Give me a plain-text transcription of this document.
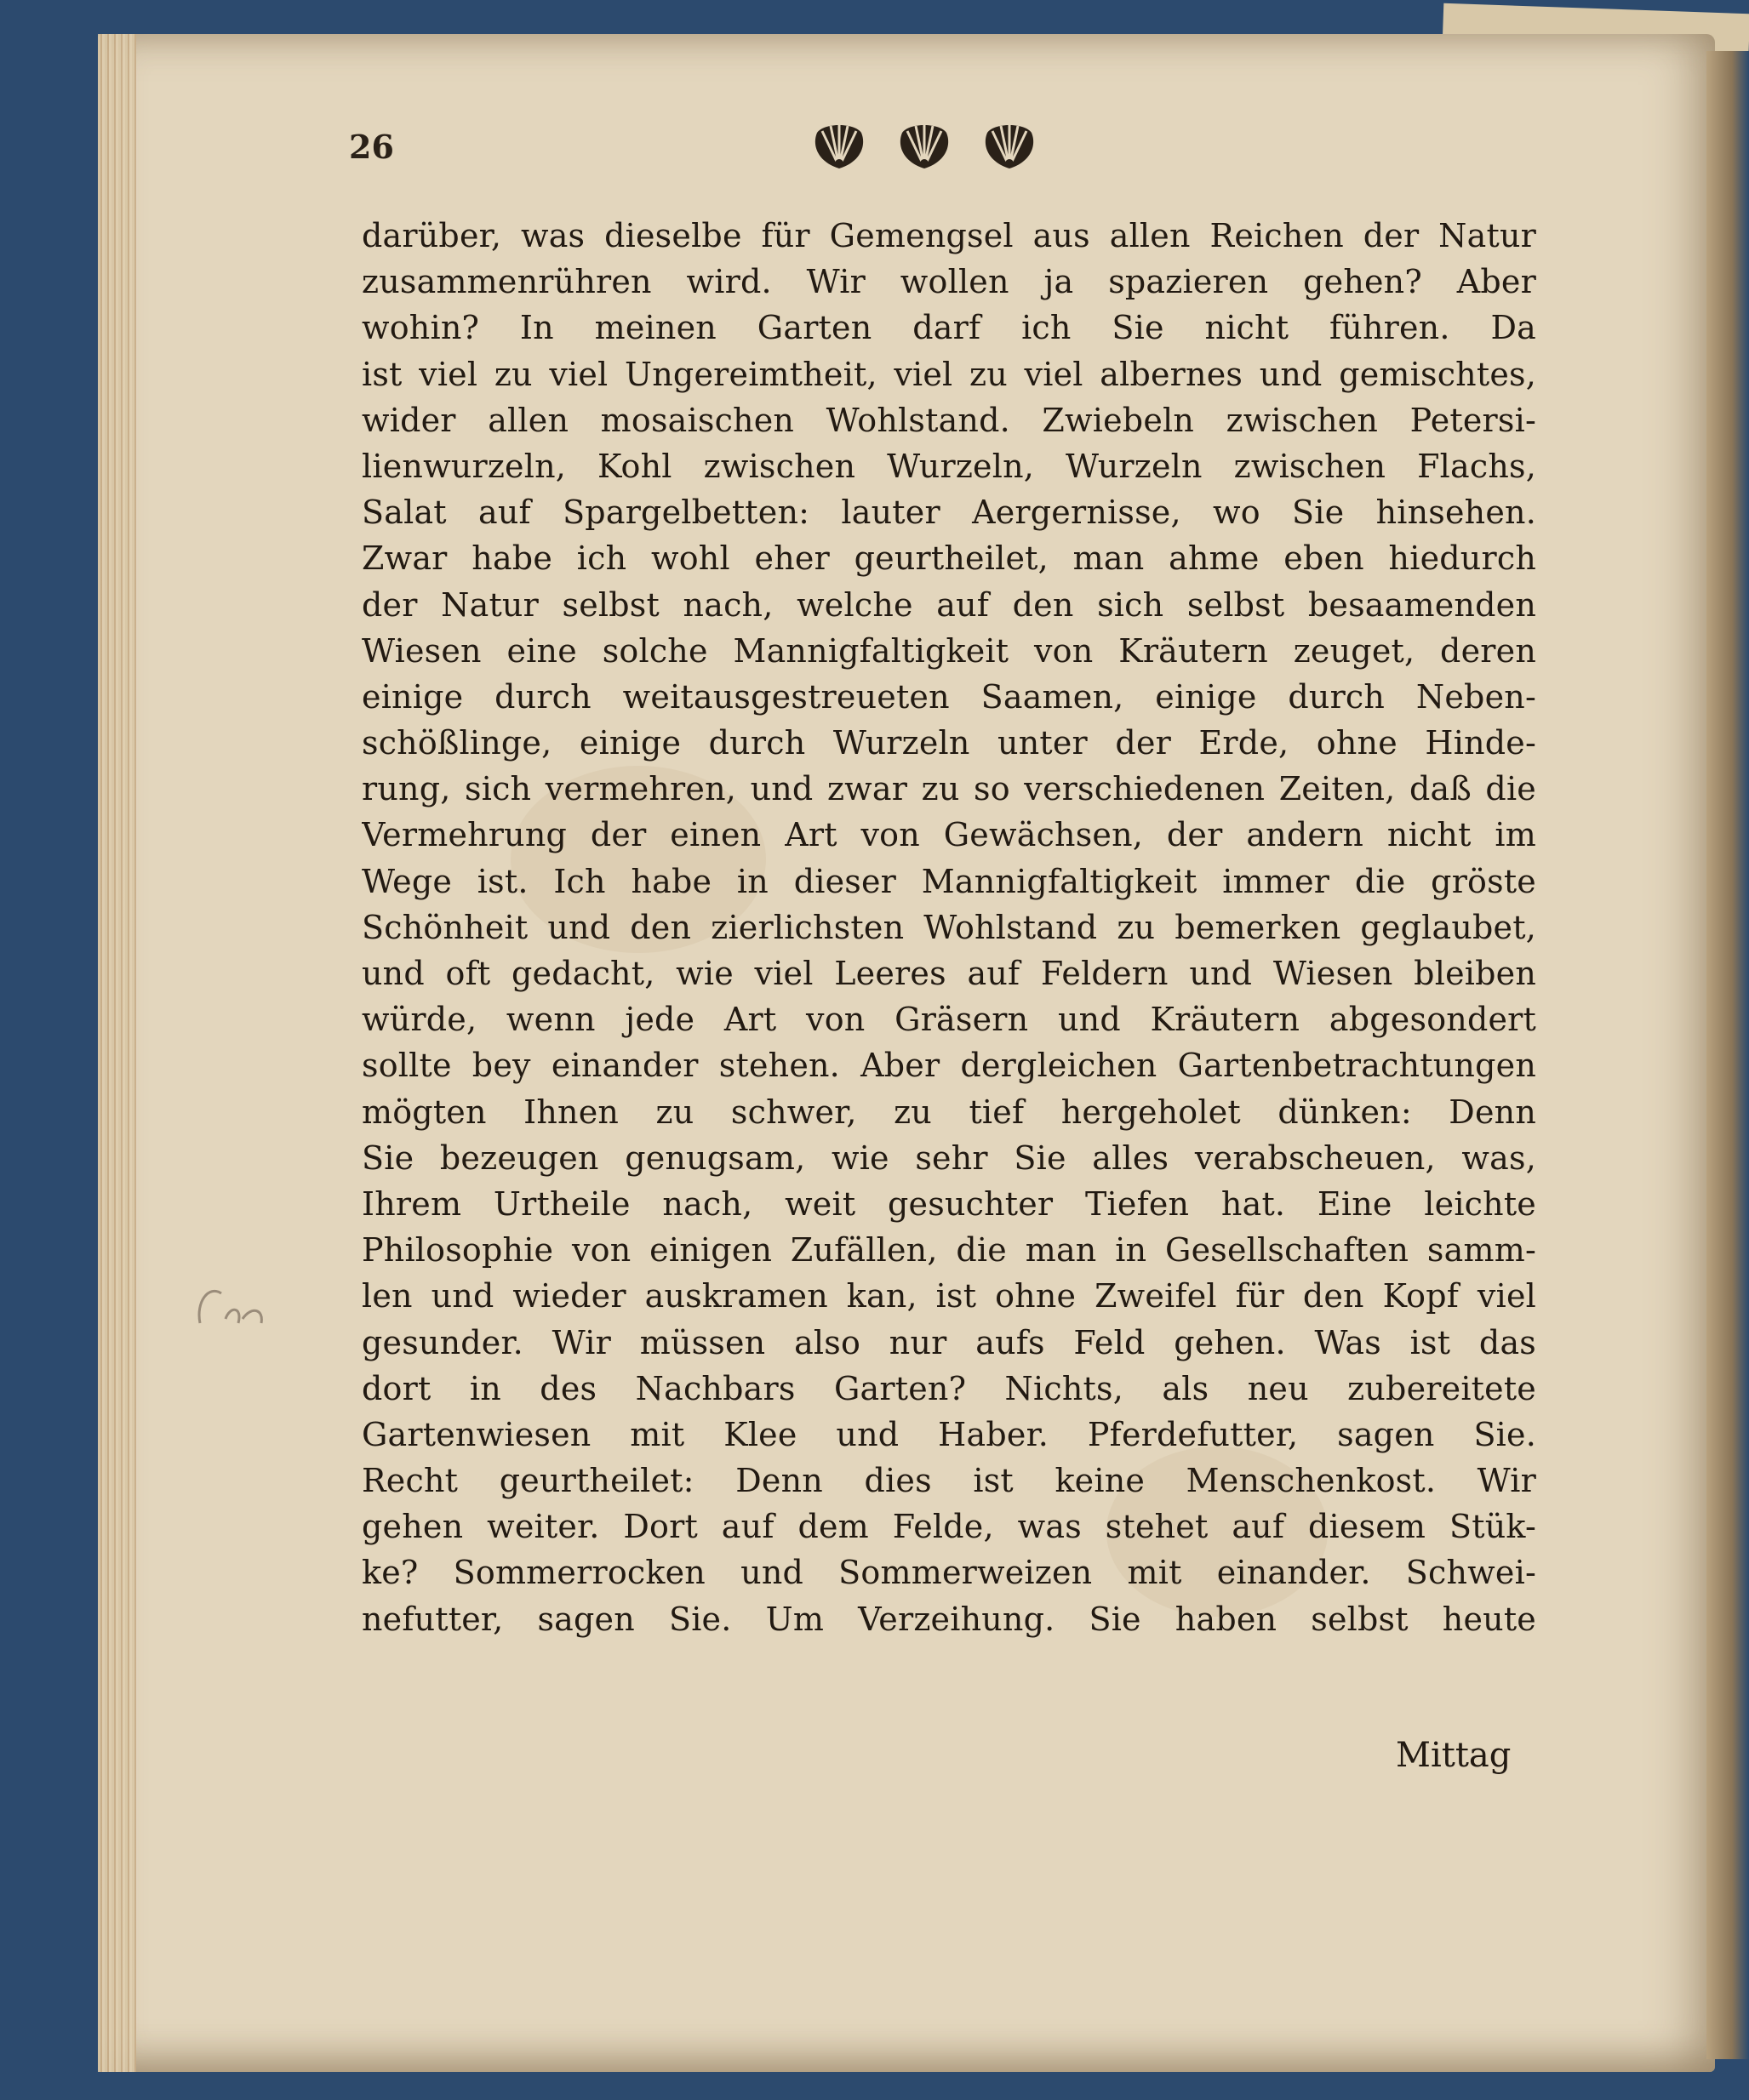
26
darüber, was dieselbe für Gemengsel aus allen Reichen der Natur
zusammenrühren wird. Wir wollen ja spazieren gehen? Aber
wohin? In meinen Garten darf ich Sie nicht führen. Da
ist viel zu viel Ungereimtheit, viel zu viel albernes und gemischtes,
wider allen mosaischen Wohlstand. Zwiebeln zwischen Petersi-
lienwurzeln, Kohl zwischen Wurzeln, Wurzeln zwischen Flachs,
Salat auf Spargelbetten: lauter Aergernisse, wo Sie hinsehen.
Zwar habe ich wohl eher geurtheilet, man ahme eben hiedurch
der Natur selbst nach, welche auf den sich selbst besaamenden
Wiesen eine solche Mannigfaltigkeit von Kräutern zeuget, deren
einige durch weitausgestreueten Saamen, einige durch Neben-
schößlinge, einige durch Wurzeln unter der Erde, ohne Hinde-
rung, sich vermehren, und zwar zu so verschiedenen Zeiten, daß die
Vermehrung der einen Art von Gewächsen, der andern nicht im
Wege ist. Ich habe in dieser Mannigfaltigkeit immer die gröste
Schönheit und den zierlichsten Wohlstand zu bemerken geglaubet,
und oft gedacht, wie viel Leeres auf Feldern und Wiesen bleiben
würde, wenn jede Art von Gräsern und Kräutern abgesondert
sollte bey einander stehen. Aber dergleichen Gartenbetrachtungen
mögten Ihnen zu schwer, zu tief hergeholet dünken: Denn
Sie bezeugen genugsam, wie sehr Sie alles verabscheuen, was,
Ihrem Urtheile nach, weit gesuchter Tiefen hat. Eine leichte
Philosophie von einigen Zufällen, die man in Gesellschaften samm-
len und wieder auskramen kan, ist ohne Zweifel für den Kopf viel
gesunder. Wir müssen also nur aufs Feld gehen. Was ist das
dort in des Nachbars Garten? Nichts, als neu zubereitete
Gartenwiesen mit Klee und Haber. Pferdefutter, sagen Sie.
Recht geurtheilet: Denn dies ist keine Menschenkost. Wir
gehen weiter. Dort auf dem Felde, was stehet auf diesem Stük-
ke? Sommerrocken und Sommerweizen mit einander. Schwei-
nefutter, sagen Sie. Um Verzeihung. Sie haben selbst heute
Mittag
